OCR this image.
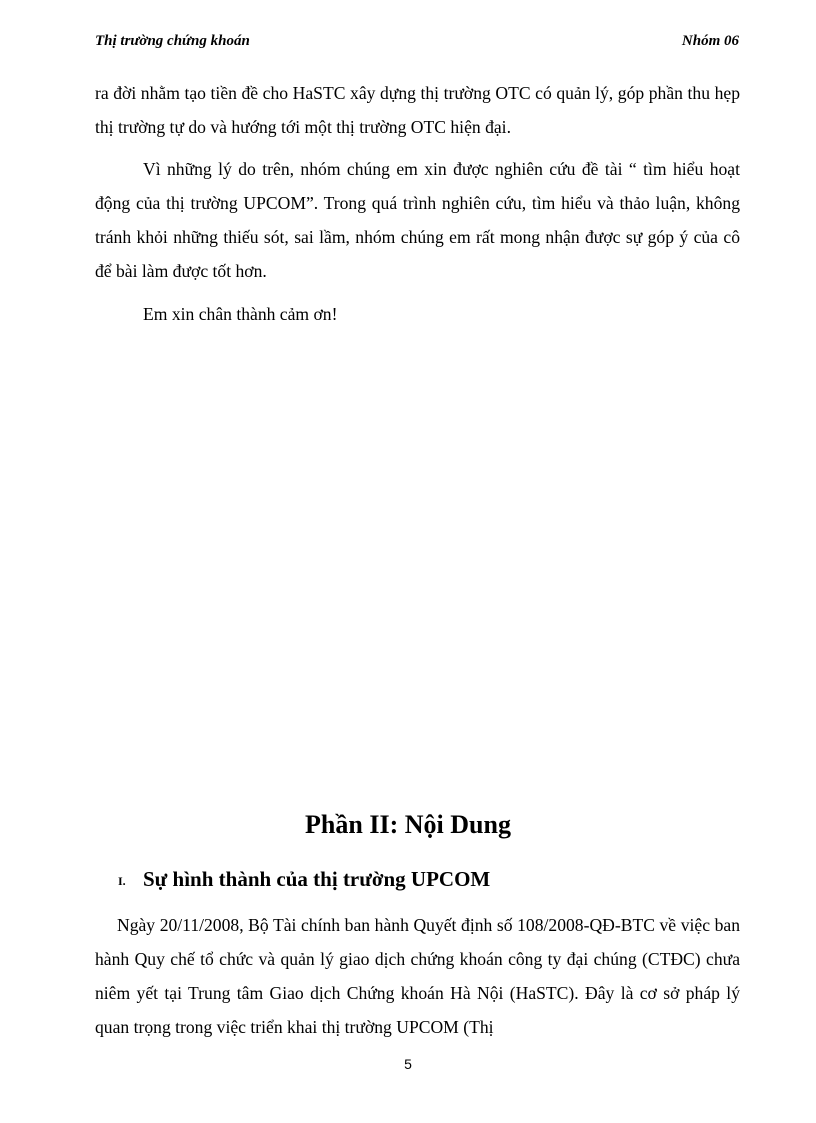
Thị trường chứng khoán	Nhóm 06

ra đời nhằm tạo tiền đề cho HaSTC xây dựng thị trường OTC có quản lý, góp phần thu hẹp thị trường tự do và hướng tới một thị trường OTC hiện đại.

Vì những lý do trên, nhóm chúng em xin được nghiên cứu đề tài “ tìm hiểu hoạt động của thị trường UPCOM”. Trong quá trình nghiên cứu, tìm hiểu và thảo luận, không tránh khỏi những thiếu sót, sai lầm, nhóm chúng em rất mong nhận được sự góp ý của cô để bài làm được tốt hơn.

Em xin chân thành cảm ơn!

Phần II: Nội Dung
I. Sự hình thành của thị trường UPCOM

Ngày 20/11/2008, Bộ Tài chính ban hành Quyết định số 108/2008-QĐ-BTC về việc ban hành Quy chế tổ chức và quản lý giao dịch chứng khoán công ty đại chúng (CTĐC) chưa niêm yết tại Trung tâm Giao dịch Chứng khoán Hà Nội (HaSTC). Đây là cơ sở pháp lý quan trọng trong việc triển khai thị trường UPCOM (Thị

5
